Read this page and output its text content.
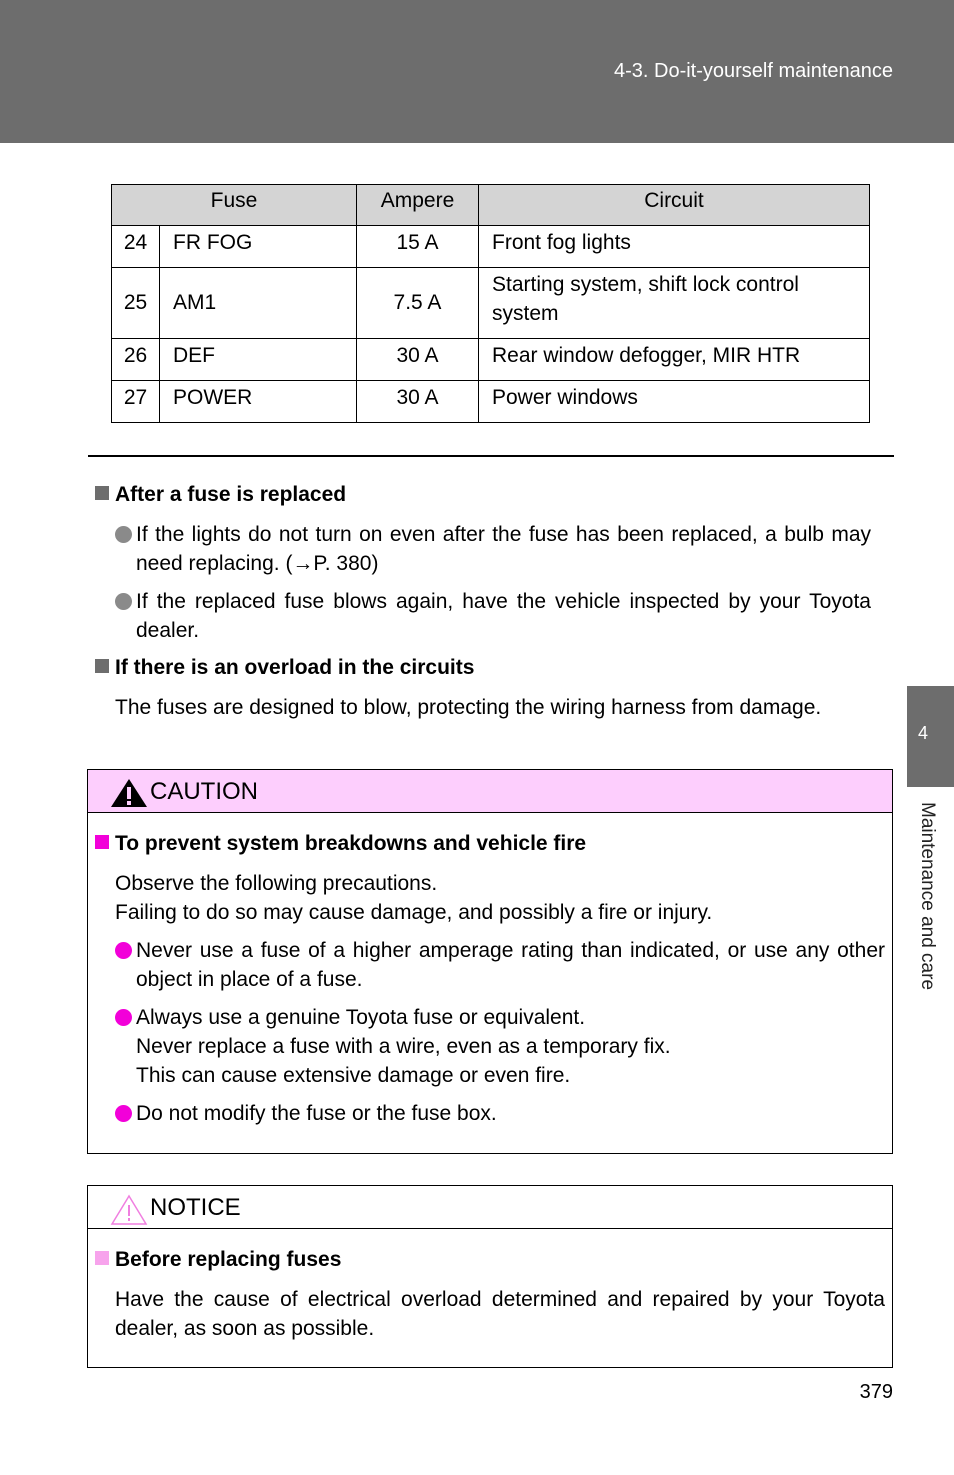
4-3. Do-it-yourself maintenance
Fuse		Ampere	Circuit
24	FR FOG	15 A	Front fog lights
25	AM1	7.5 A	Starting system, shift lock control system
26	DEF	30 A	Rear window defogger, MIR HTR
27	POWER	30 A	Power windows
After a fuse is replaced
If the lights do not turn on even after the fuse has been replaced, a bulb may need replacing. (→P. 380)
If the replaced fuse blows again, have the vehicle inspected by your Toyota dealer.
If there is an overload in the circuits
The fuses are designed to blow, protecting the wiring harness from damage.
CAUTION
To prevent system breakdowns and vehicle fire
Observe the following precautions.
Failing to do so may cause damage, and possibly a fire or injury.
Never use a fuse of a higher amperage rating than indicated, or use any other object in place of a fuse.
Always use a genuine Toyota fuse or equivalent.
Never replace a fuse with a wire, even as a temporary fix.
This can cause extensive damage or even fire.
Do not modify the fuse or the fuse box.
NOTICE
Before replacing fuses
Have the cause of electrical overload determined and repaired by your Toyota dealer, as soon as possible.
4
Maintenance and care
379
